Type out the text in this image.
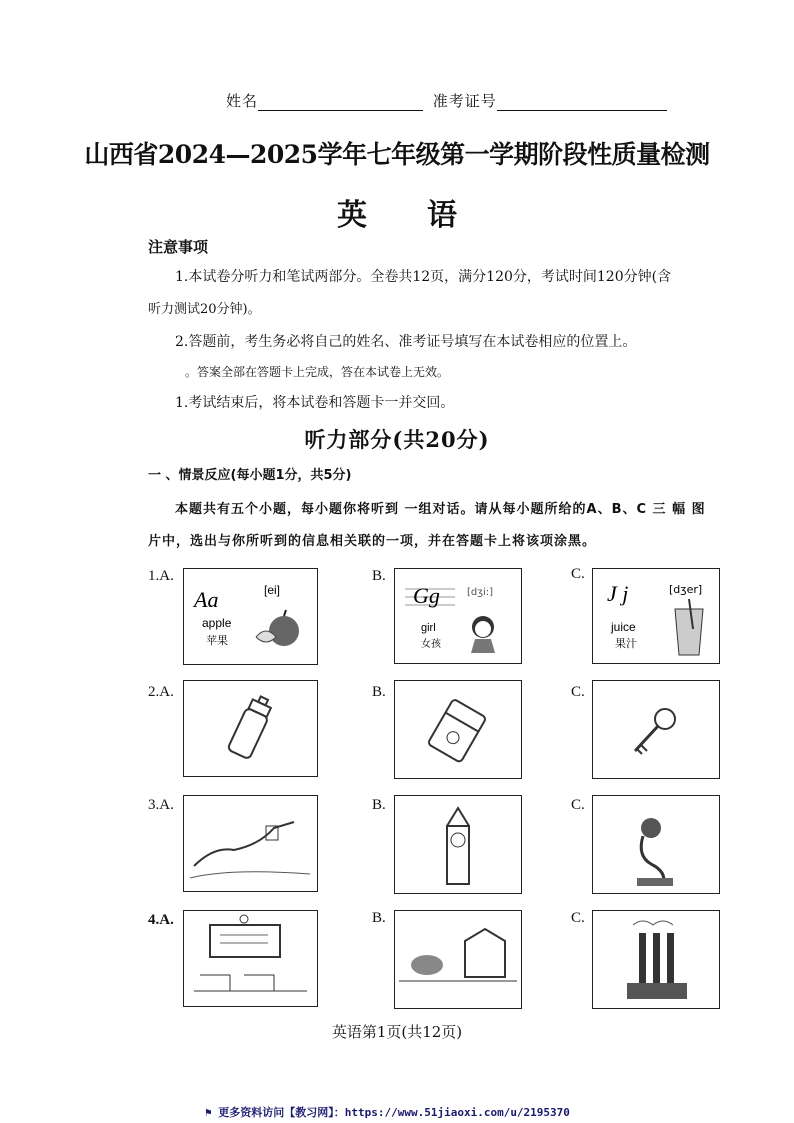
姓名	准考证号
山西省2024—2025学年七年级第一学期阶段性质量检测
英 语
注意事项
1.本试卷分听力和笔试两部分。全卷共12页，满分120分，考试时间120分钟(含
听力测试20分钟)。
2.答题前，考生务必将自己的姓名、准考证号填写在本试卷相应的位置上。
。答案全部在答题卡上完成，答在本试卷上无效。
1.考试结束后，将本试卷和答题卡一并交回。
听力部分(共20分)
一 、情景反应(每小题1分，共5分)
本题共有五个小题，每小题你将听到 一组对话。请从每小题所给的A、B、C 三 幅 图
片中，选出与你所听到的信息相关联的一项，并在答题卡上将该项涂黑。
1.A.
Aa	[ei]
apple
苹果
B.
Gg	[dʒi:]
girl
女孩
C.
J j	[dʒer]
juice
果汁
2.A.	B.	C.
3.A.	B.	C.
4.A.	B.	C.
英语第1页(共12页)
⚑ 更多资料访问【教习网】：https://www.51jiaoxi.com/u/2195370
